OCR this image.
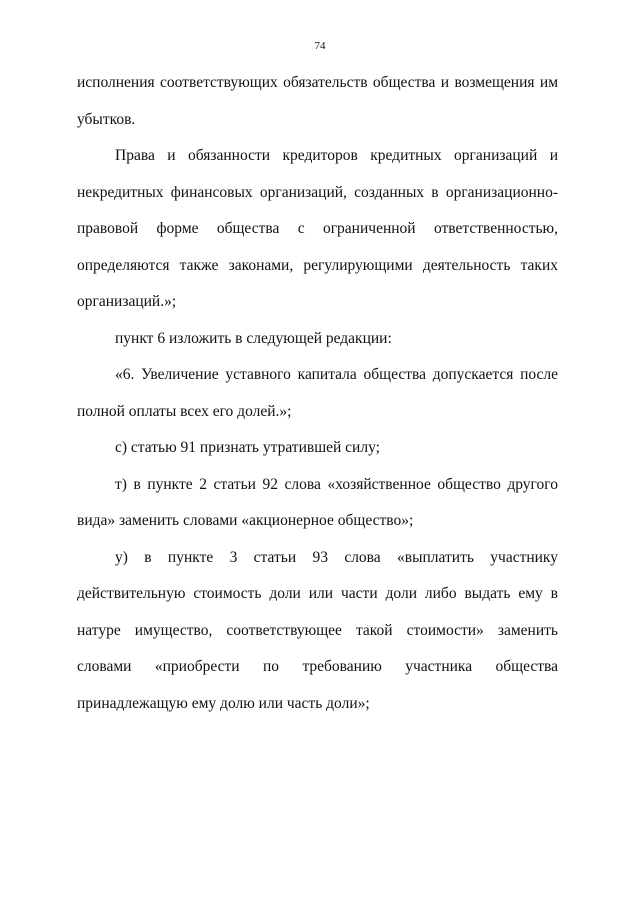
74

исполнения соответствующих обязательств общества и возмещения им убытков.

Права и обязанности кредиторов кредитных организаций и некредитных финансовых организаций, созданных в организационно-правовой форме общества с ограниченной ответственностью, определяются также законами, регулирующими деятельность таких организаций.»;

пункт 6 изложить в следующей редакции:

«6. Увеличение уставного капитала общества допускается после полной оплаты всех его долей.»;

с) статью 91 признать утратившей силу;

т) в пункте 2 статьи 92 слова «хозяйственное общество другого вида» заменить словами «акционерное общество»;

у) в пункте 3 статьи 93 слова «выплатить участнику действительную стоимость доли или части доли либо выдать ему в натуре имущество, соответствующее такой стоимости» заменить словами «приобрести по требованию участника общества принадлежащую ему долю или часть доли»;
